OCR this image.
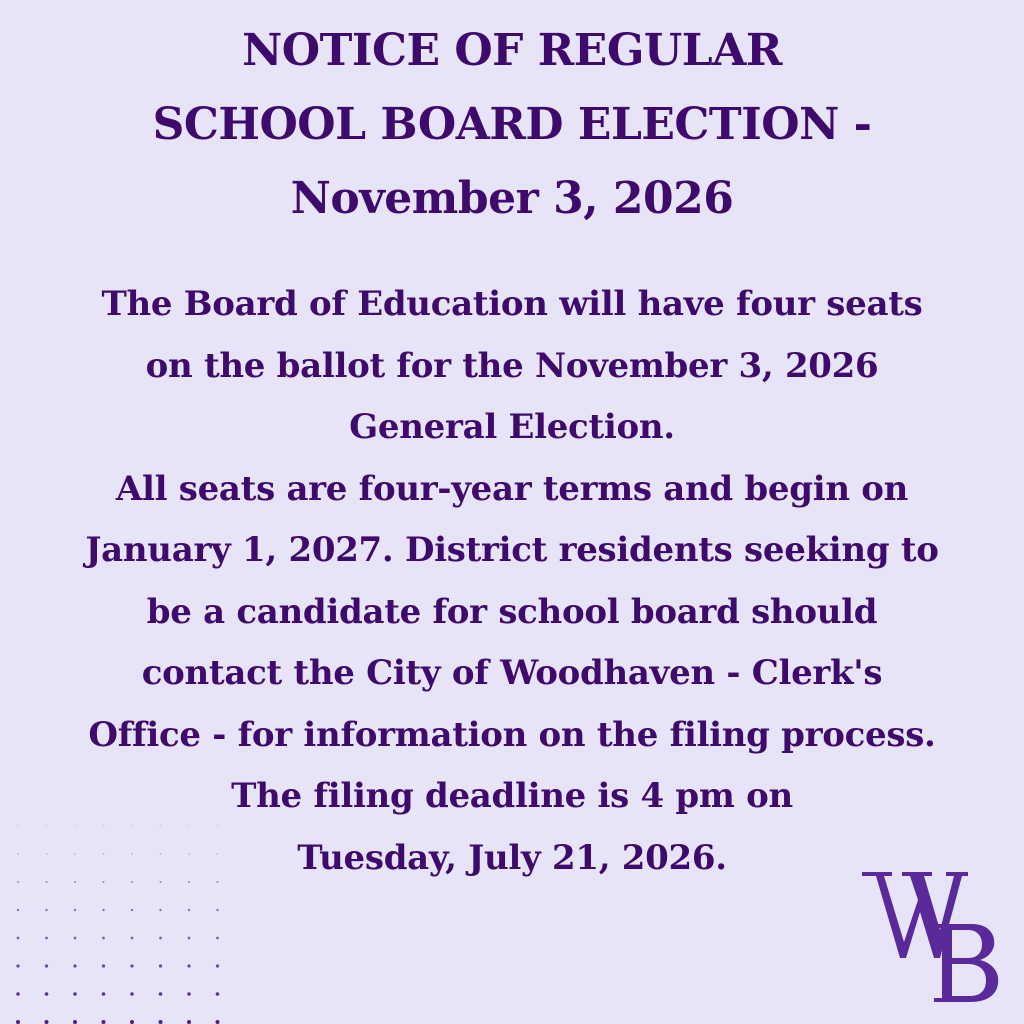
NOTICE OF REGULAR
SCHOOL BOARD ELECTION -
November 3, 2026
The Board of Education will have four seats
on the ballot for the November 3, 2026
General Election.
All seats are four-year terms and begin on
January 1, 2027. District residents seeking to
be a candidate for school board should
contact the City of Woodhaven - Clerk's
Office - for information on the filing process.
The filing deadline is 4 pm on
Tuesday, July 21, 2026.
